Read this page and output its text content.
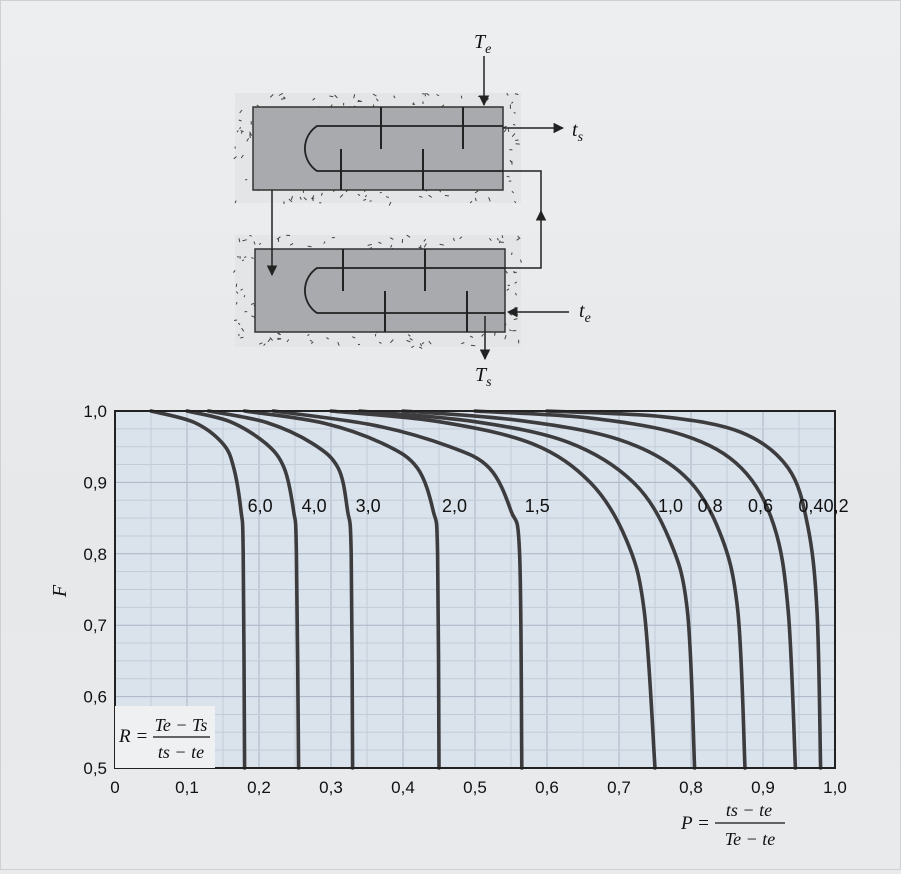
$T_e$
$t_s$
$t_e$
$T_s$
0	0,1	0,2	0,3	0,4	0,5	0,6	0,7	0,8	0,9	1,0
0,5
0,6
0,7
0,8
0,9
1,0
6,0 4,0 3,0	2,0	1,5	1,0 0,8 0,6 0,4 0,2
F
R =
Te − Ts
ts − te
P =
ts − te
Te − te
